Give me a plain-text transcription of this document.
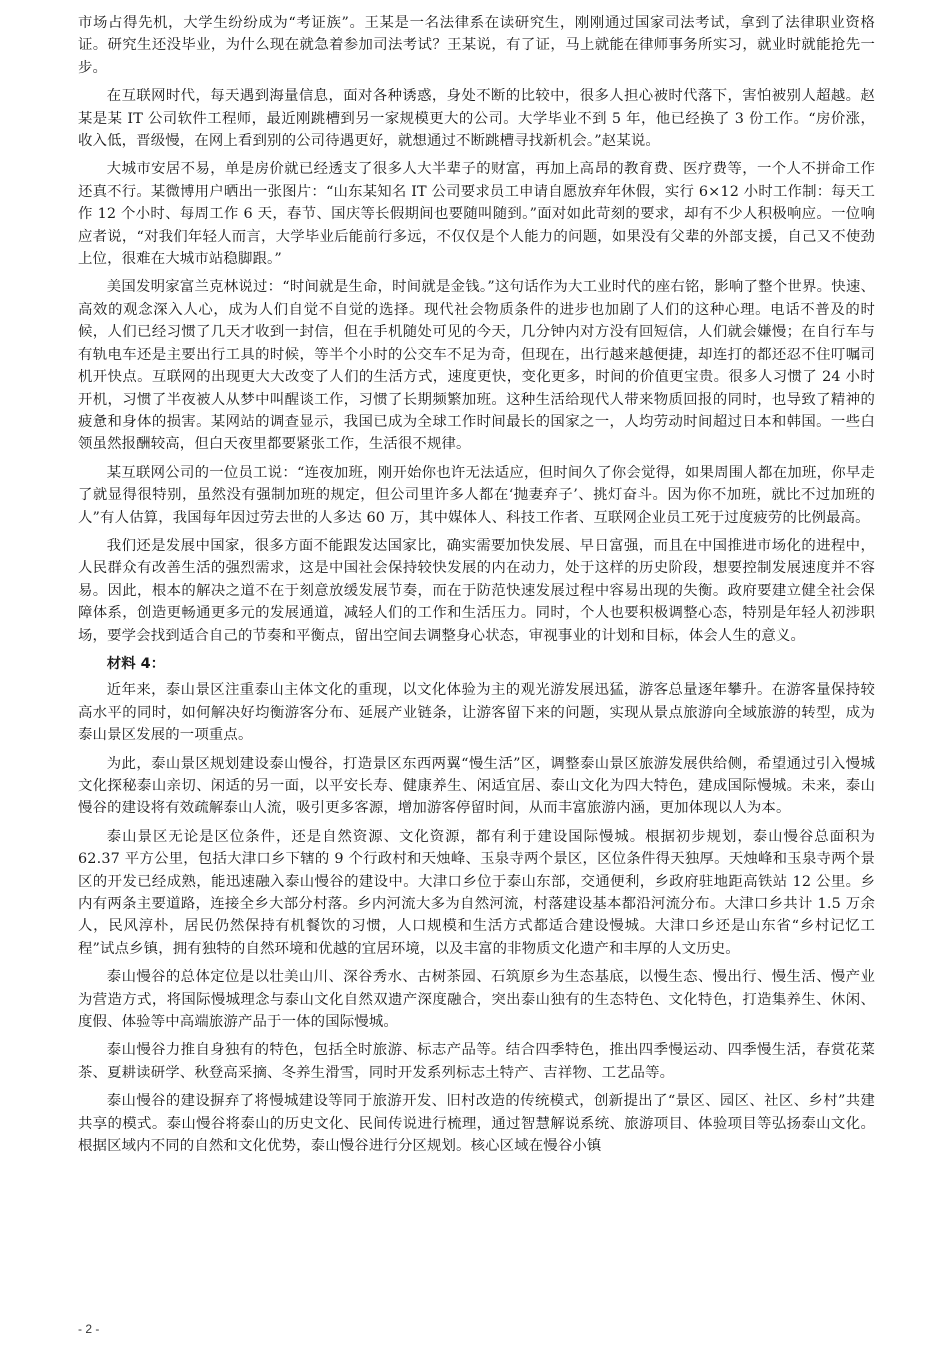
市场占得先机，大学生纷纷成为“考证族”。王某是一名法律系在读研究生，刚刚通过国家司法考试，拿到了法律职业资格证。研究生还没毕业，为什么现在就急着参加司法考试？王某说，有了证，马上就能在律师事务所实习，就业时就能抢先一步。

在互联网时代，每天遇到海量信息，面对各种诱惑，身处不断的比较中，很多人担心被时代落下，害怕被别人超越。赵某是某 IT 公司软件工程师，最近刚跳槽到另一家规模更大的公司。大学毕业不到 5 年，他已经换了 3 份工作。“房价涨，收入低，晋级慢，在网上看到别的公司待遇更好，就想通过不断跳槽寻找新机会。”赵某说。

大城市安居不易，单是房价就已经透支了很多人大半辈子的财富，再加上高昂的教育费、医疗费等，一个人不拼命工作还真不行。某微博用户晒出一张图片：“山东某知名 IT 公司要求员工申请自愿放弃年休假，实行 6×12 小时工作制：每天工作 12 个小时、每周工作 6 天，春节、国庆等长假期间也要随叫随到。”面对如此苛刻的要求，却有不少人积极响应。一位响应者说，“对我们年轻人而言，大学毕业后能前行多远，不仅仅是个人能力的问题，如果没有父辈的外部支援，自己又不使劲上位，很难在大城市站稳脚跟。”

美国发明家富兰克林说过：“时间就是生命，时间就是金钱。”这句话作为大工业时代的座右铭，影响了整个世界。快速、高效的观念深入人心，成为人们自觉不自觉的选择。现代社会物质条件的进步也加剧了人们的这种心理。电话不普及的时候，人们已经习惯了几天才收到一封信，但在手机随处可见的今天，几分钟内对方没有回短信，人们就会嫌慢；在自行车与有轨电车还是主要出行工具的时候，等半个小时的公交车不足为奇，但现在，出行越来越便捷，却连打的都还忍不住叮嘱司机开快点。互联网的出现更大大改变了人们的生活方式，速度更快，变化更多，时间的价值更宝贵。很多人习惯了 24 小时开机，习惯了半夜被人从梦中叫醒谈工作，习惯了长期频繁加班。这种生活给现代人带来物质回报的同时，也导致了精神的疲惫和身体的损害。某网站的调查显示，我国已成为全球工作时间最长的国家之一，人均劳动时间超过日本和韩国。一些白领虽然报酬较高，但白天夜里都要紧张工作，生活很不规律。

某互联网公司的一位员工说：“连夜加班，刚开始你也许无法适应，但时间久了你会觉得，如果周围人都在加班，你早走了就显得很特别，虽然没有强制加班的规定，但公司里许多人都在‘抛妻弃子’、挑灯奋斗。因为你不加班，就比不过加班的人”有人估算，我国每年因过劳去世的人多达 60 万，其中媒体人、科技工作者、互联网企业员工死于过度疲劳的比例最高。

我们还是发展中国家，很多方面不能跟发达国家比，确实需要加快发展、早日富强，而且在中国推进市场化的进程中，人民群众有改善生活的强烈需求，这是中国社会保持较快发展的内在动力，处于这样的历史阶段，想要控制发展速度并不容易。因此，根本的解决之道不在于刻意放缓发展节奏，而在于防范快速发展过程中容易出现的失衡。政府要建立健全社会保障体系，创造更畅通更多元的发展通道，减轻人们的工作和生活压力。同时，个人也要积极调整心态，特别是年轻人初涉职场，要学会找到适合自己的节奏和平衡点，留出空间去调整身心状态，审视事业的计划和目标，体会人生的意义。

材料 4：

近年来，泰山景区注重泰山主体文化的重现，以文化体验为主的观光游发展迅猛，游客总量逐年攀升。在游客量保持较高水平的同时，如何解决好均衡游客分布、延展产业链条，让游客留下来的问题，实现从景点旅游向全域旅游的转型，成为泰山景区发展的一项重点。

为此，泰山景区规划建设泰山慢谷，打造景区东西两翼“慢生活”区，调整泰山景区旅游发展供给侧，希望通过引入慢城文化探秘泰山亲切、闲适的另一面，以平安长寿、健康养生、闲适宜居、泰山文化为四大特色，建成国际慢城。未来，泰山慢谷的建设将有效疏解泰山人流，吸引更多客源，增加游客停留时间，从而丰富旅游内涵，更加体现以人为本。

泰山景区无论是区位条件，还是自然资源、文化资源，都有利于建设国际慢城。根据初步规划，泰山慢谷总面积为 62.37 平方公里，包括大津口乡下辖的 9 个行政村和天烛峰、玉泉寺两个景区，区位条件得天独厚。天烛峰和玉泉寺两个景区的开发已经成熟，能迅速融入泰山慢谷的建设中。大津口乡位于泰山东部，交通便利，乡政府驻地距高铁站 12 公里。乡内有两条主要道路，连接全乡大部分村落。乡内河流大多为自然河流，村落建设基本都沿河流分布。大津口乡共计 1.5 万余人，民风淳朴，居民仍然保持有机餐饮的习惯，人口规模和生活方式都适合建设慢城。大津口乡还是山东省“乡村记忆工程”试点乡镇，拥有独特的自然环境和优越的宜居环境，以及丰富的非物质文化遗产和丰厚的人文历史。

泰山慢谷的总体定位是以壮美山川、深谷秀水、古树茶园、石筑原乡为生态基底，以慢生态、慢出行、慢生活、慢产业为营造方式，将国际慢城理念与泰山文化自然双遗产深度融合，突出泰山独有的生态特色、文化特色，打造集养生、休闲、度假、体验等中高端旅游产品于一体的国际慢城。

泰山慢谷力推自身独有的特色，包括全时旅游、标志产品等。结合四季特色，推出四季慢运动、四季慢生活，春赏花菜茶、夏耕读研学、秋登高采摘、冬养生滑雪，同时开发系列标志土特产、吉祥物、工艺品等。

泰山慢谷的建设摒弃了将慢城建设等同于旅游开发、旧村改造的传统模式，创新提出了“景区、园区、社区、乡村”共建共享的模式。泰山慢谷将泰山的历史文化、民间传说进行梳理，通过智慧解说系统、旅游项目、体验项目等弘扬泰山文化。根据区域内不同的自然和文化优势，泰山慢谷进行分区规划。核心区域在慢谷小镇

- 2 -
